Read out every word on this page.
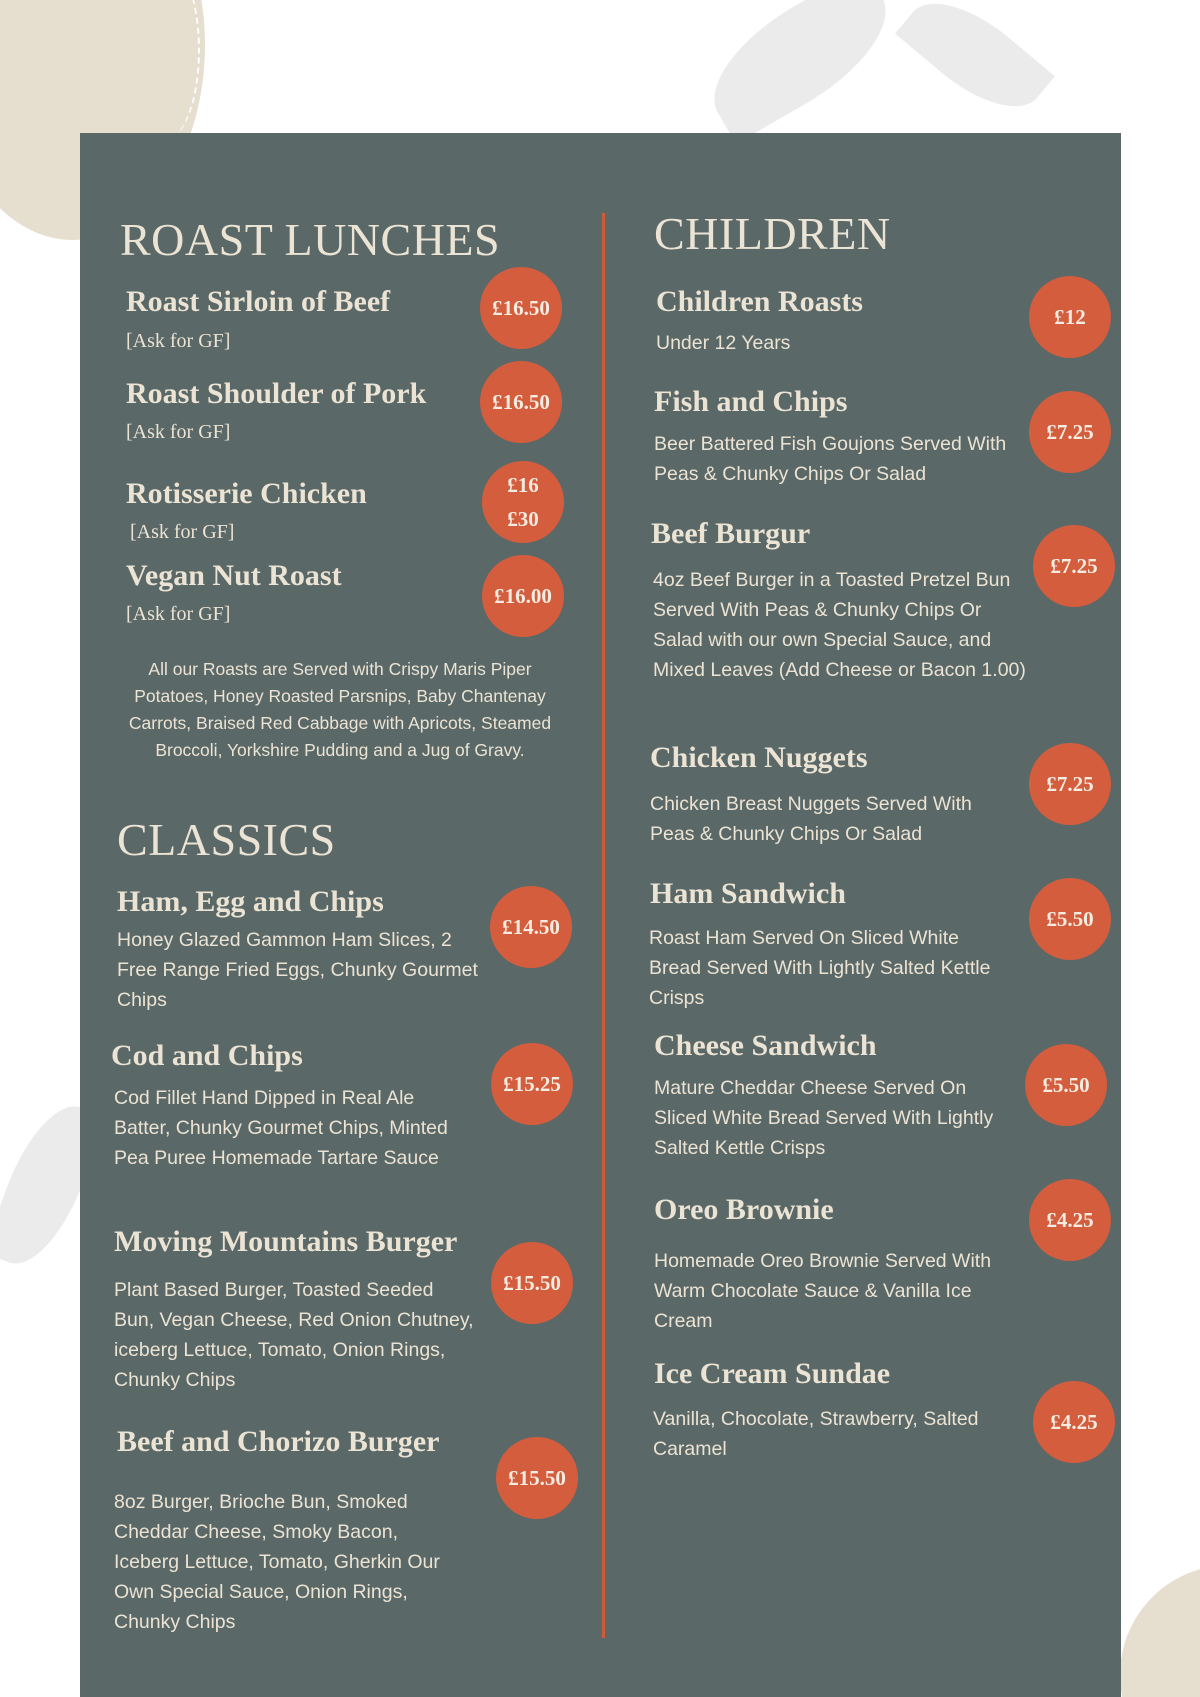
ROAST LUNCHES
Roast Sirloin of Beef
[Ask for GF]
£16.50
Roast Shoulder of Pork
[Ask for GF]
£16.50
Rotisserie Chicken
[Ask for GF]
£16
£30
Vegan Nut Roast
[Ask for GF]
£16.00
All our Roasts are Served with Crispy Maris Piper Potatoes, Honey Roasted Parsnips, Baby Chantenay Carrots, Braised Red Cabbage with Apricots, Steamed Broccoli, Yorkshire Pudding and a Jug of Gravy.
CLASSICS
Ham, Egg and Chips
Honey Glazed Gammon Ham Slices, 2 Free Range Fried Eggs, Chunky Gourmet Chips
£14.50
Cod and Chips
Cod Fillet Hand Dipped in Real Ale Batter, Chunky Gourmet Chips, Minted Pea Puree Homemade Tartare Sauce
£15.25
Moving Mountains Burger
Plant Based Burger, Toasted Seeded Bun, Vegan Cheese, Red Onion Chutney, iceberg Lettuce, Tomato, Onion Rings, Chunky Chips
£15.50
Beef and Chorizo Burger
8oz Burger, Brioche Bun, Smoked Cheddar Cheese, Smoky Bacon, Iceberg Lettuce, Tomato, Gherkin Our Own Special Sauce, Onion Rings, Chunky Chips
£15.50
CHILDREN
Children Roasts
Under 12 Years
£12
Fish and Chips
Beer Battered Fish Goujons Served With Peas & Chunky Chips Or Salad
£7.25
Beef Burgur
4oz Beef Burger in a Toasted Pretzel Bun Served With Peas & Chunky Chips Or Salad with our own Special Sauce, and Mixed Leaves (Add Cheese or Bacon 1.00)
£7.25
Chicken Nuggets
Chicken Breast Nuggets Served With Peas & Chunky Chips Or Salad
£7.25
Ham Sandwich
Roast Ham Served On Sliced White Bread Served With Lightly Salted Kettle Crisps
£5.50
Cheese Sandwich
Mature Cheddar Cheese Served On Sliced White Bread Served With Lightly Salted Kettle Crisps
£5.50
Oreo Brownie
Homemade Oreo Brownie Served With Warm Chocolate Sauce & Vanilla Ice Cream
£4.25
Ice Cream Sundae
Vanilla, Chocolate, Strawberry, Salted Caramel
£4.25
